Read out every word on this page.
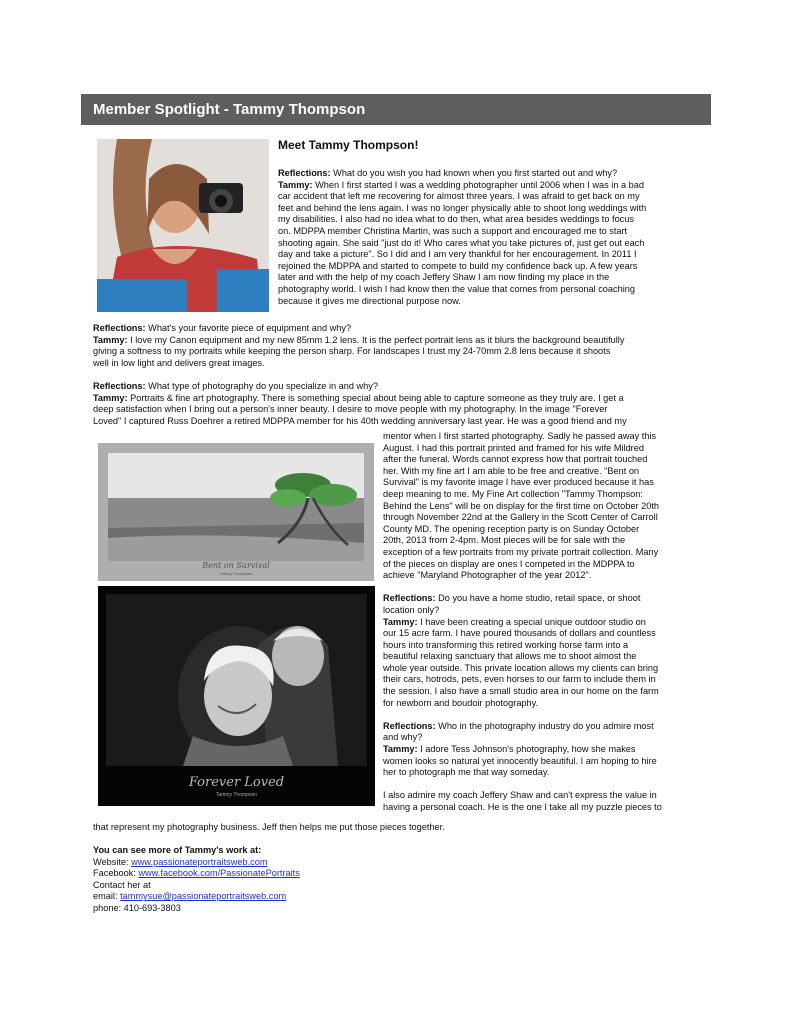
Member Spotlight - Tammy Thompson
Meet Tammy Thompson!

Reflections: What do you wish you had known when you first started out and why?

Tammy: When I first started I was a wedding photographer until 2006 when I was in a bad

car accident that left me recovering for almost three years. I was afraid to get back on my

feet and behind the lens again. I was no longer physically able to shoot long weddings with

my disabilities. I also had no idea what to do then, what area besides weddings to focus

on. MDPPA member Christina Martin, was such a support and encouraged me to start

shooting again. She said "just do it! Who cares what you take pictures of, just get out each

day and take a picture". So I did and I am very thankful for her encouragement. In 2011 I

rejoined the MDPPA and started to compete to build my confidence back up. A few years

later and with the help of my coach Jeffery Shaw I am now finding my place in the

photography world. I wish I had know then the value that comes from personal coaching

because it gives me directional purpose now.

Reflections: What's your favorite piece of equipment and why?

Tammy: I love my Canon equipment and my new 85mm 1.2 lens. It is the perfect portrait lens as it blurs the background beautifully

giving a softness to my portraits while keeping the person sharp. For landscapes I trust my 24-70mm 2.8 lens because it shoots

well in low light and delivers great images.

Reflections: What type of photography do you specialize in and why?

Tammy: Portraits & fine art photography. There is something special about being able to capture someone as they truly are. I get a

deep satisfaction when I bring out a person's inner beauty. I desire to move people with my photography. In the image "Forever

Loved" I captured Russ Doehrer a retired MDPPA member for his 40th wedding anniversary last year. He was a good friend and my

Bent on Survival
Tammy Thompson
Forever Loved
Tammy Thompson

mentor when I first started photography. Sadly he passed away this

August. I had this portrait printed and framed for his wife Mildred

after the funeral. Words cannot express how that portrait touched

her. With my fine art I am able to be free and creative. "Bent on

Survival" is my favorite image I have ever produced because it has

deep meaning to me. My Fine Art collection "Tammy Thompson:

Behind the Lens" will be on display for the first time on October 20th

through November 22nd at the Gallery in the Scott Center of Carroll

County MD. The opening reception party is on Sunday October

20th, 2013 from 2-4pm. Most pieces will be for sale with the

exception of a few portraits from my private portrait collection. Many

of the pieces on display are ones I competed in the MDPPA to

achieve "Maryland Photographer of the year 2012".

Reflections: Do you have a home studio, retail space, or shoot

location only?

Tammy: I have been creating a special unique outdoor studio on

our 15 acre farm. I have poured thousands of dollars and countless

hours into transforming this retired working horse farm into a

beautiful relaxing sanctuary that allows me to shoot almost the

whole year outside. This private location allows my clients can bring

their cars, hotrods, pets, even horses to our farm to include them in

the session. I also have a small studio area in our home on the farm

for newborn and boudoir photography.

Reflections: Who in the photography industry do you admire most

and why?

Tammy: I adore Tess Johnson's photography, how she makes

women looks so natural yet innocently beautiful. I am hoping to hire

her to photograph me that way someday.

I also admire my coach Jeffery Shaw and can't express the value in

having a personal coach. He is the one I take all my puzzle pieces to

that represent my photography business. Jeff then helps me put those pieces together.

You can see more of Tammy's work at:

Website: www.passionateportraitsweb.com

Facebook: www.facebook.com/PassionatePortraits

Contact her at

email: tammysue@passionateportraitsweb.com

phone: 410-693-3803
